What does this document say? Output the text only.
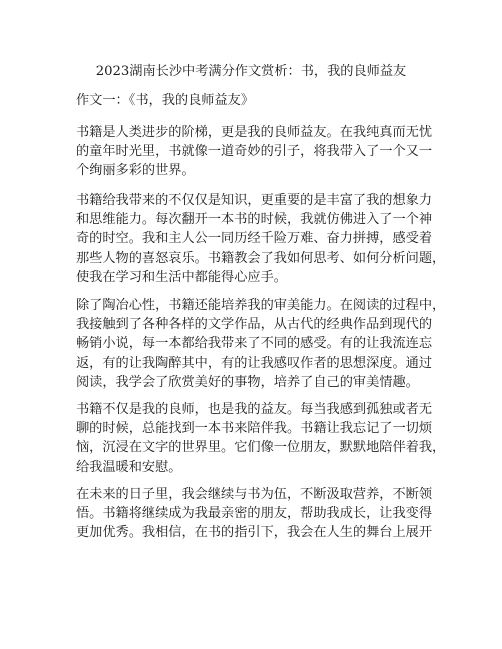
2023湖南长沙中考满分作文赏析：书，我的良师益友
作文一：《书，我的良师益友》
书籍是人类进步的阶梯，更是我的良师益友。在我纯真而无忧
的童年时光里，书就像一道奇妙的引子，将我带入了一个又一
个绚丽多彩的世界。
书籍给我带来的不仅仅是知识，更重要的是丰富了我的想象力
和思维能力。每次翻开一本书的时候，我就仿佛进入了一个神
奇的时空。我和主人公一同历经千险万难、奋力拼搏，感受着
那些人物的喜怒哀乐。书籍教会了我如何思考、如何分析问题，
使我在学习和生活中都能得心应手。
除了陶冶心性，书籍还能培养我的审美能力。在阅读的过程中，
我接触到了各种各样的文学作品，从古代的经典作品到现代的
畅销小说，每一本都给我带来了不同的感受。有的让我流连忘
返，有的让我陶醉其中，有的让我感叹作者的思想深度。通过
阅读，我学会了欣赏美好的事物，培养了自己的审美情趣。
书籍不仅是我的良师，也是我的益友。每当我感到孤独或者无
聊的时候，总能找到一本书来陪伴我。书籍让我忘记了一切烦
恼，沉浸在文字的世界里。它们像一位朋友，默默地陪伴着我，
给我温暖和安慰。
在未来的日子里，我会继续与书为伍，不断汲取营养，不断领
悟。书籍将继续成为我最亲密的朋友，帮助我成长，让我变得
更加优秀。我相信，在书的指引下，我会在人生的舞台上展开
